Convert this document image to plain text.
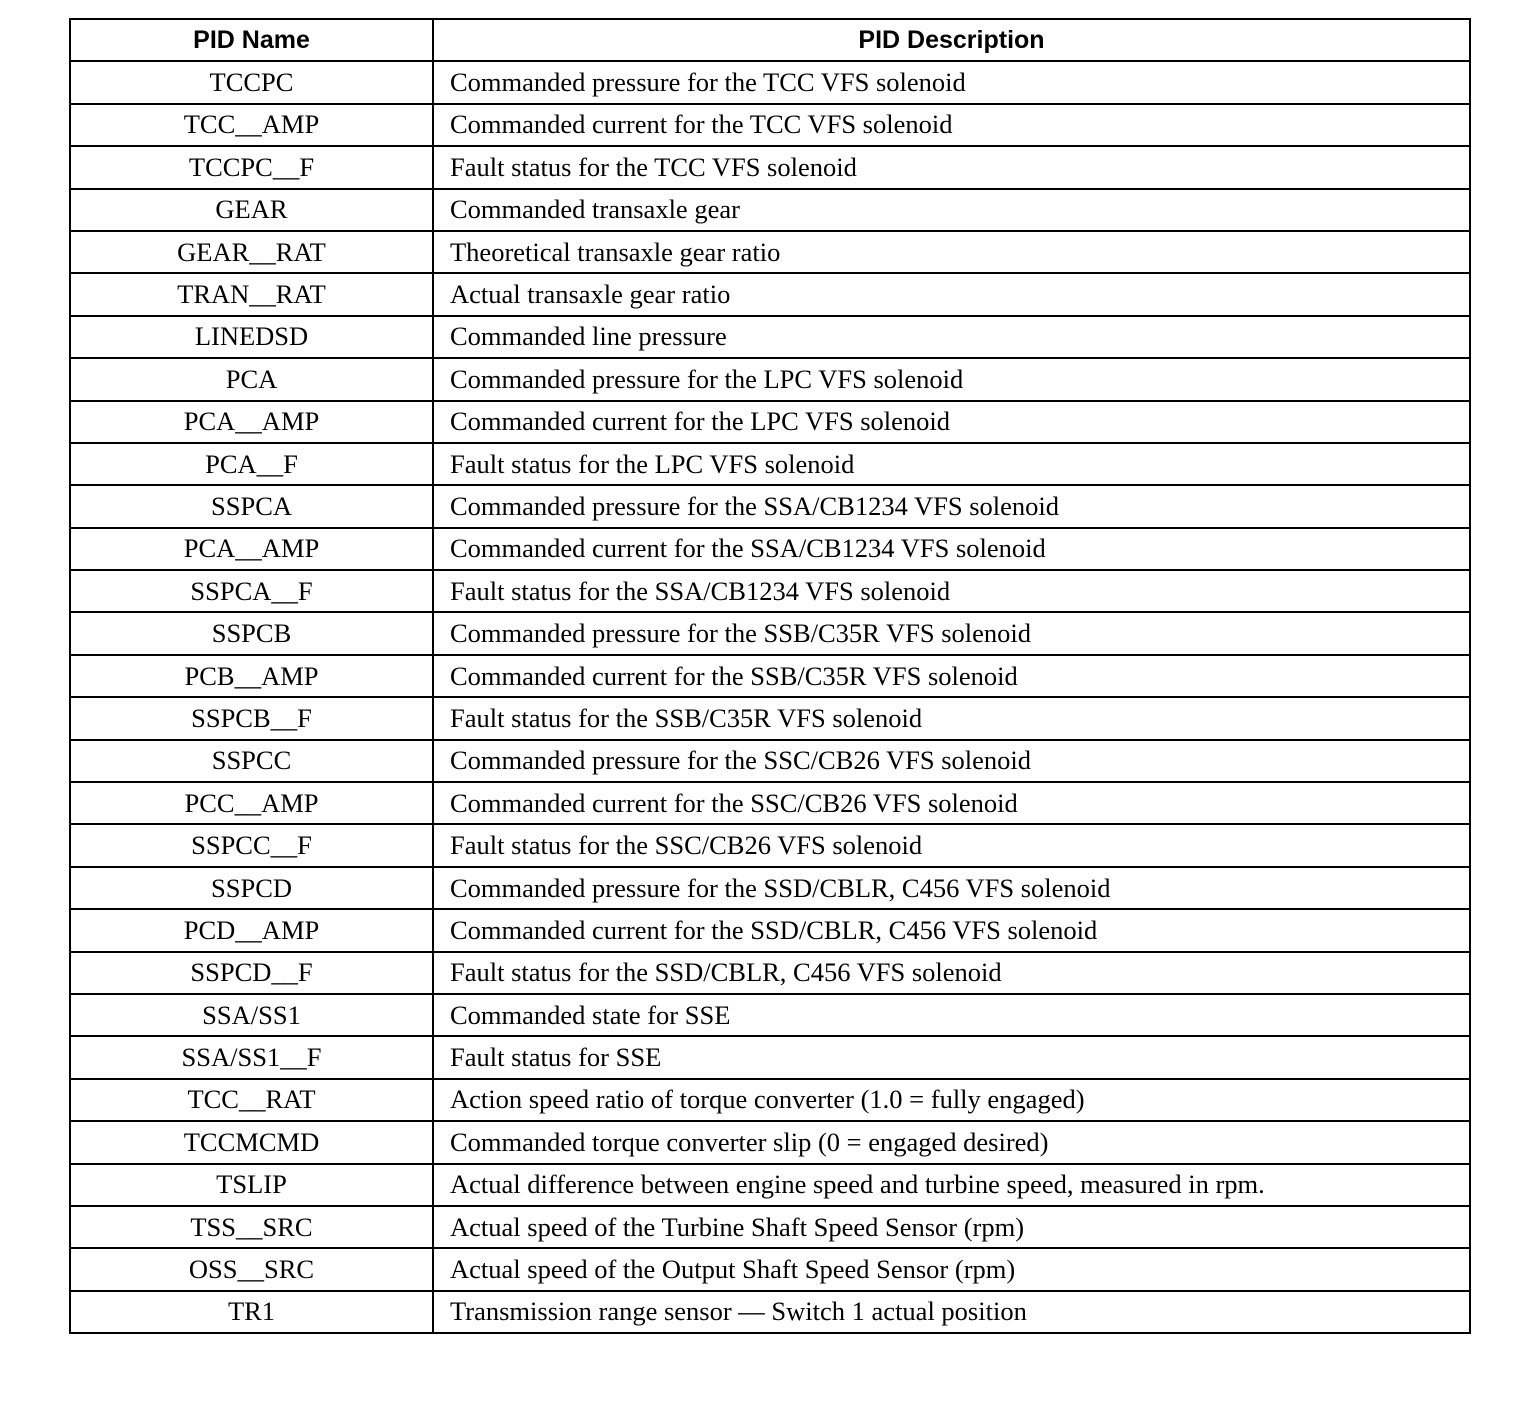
PID Name	PID Description
TCCPC	Commanded pressure for the TCC VFS solenoid
TCC__AMP	Commanded current for the TCC VFS solenoid
TCCPC__F	Fault status for the TCC VFS solenoid
GEAR	Commanded transaxle gear
GEAR__RAT	Theoretical transaxle gear ratio
TRAN__RAT	Actual transaxle gear ratio
LINEDSD	Commanded line pressure
PCA	Commanded pressure for the LPC VFS solenoid
PCA__AMP	Commanded current for the LPC VFS solenoid
PCA__F	Fault status for the LPC VFS solenoid
SSPCA	Commanded pressure for the SSA/CB1234 VFS solenoid
PCA__AMP	Commanded current for the SSA/CB1234 VFS solenoid
SSPCA__F	Fault status for the SSA/CB1234 VFS solenoid
SSPCB	Commanded pressure for the SSB/C35R VFS solenoid
PCB__AMP	Commanded current for the SSB/C35R VFS solenoid
SSPCB__F	Fault status for the SSB/C35R VFS solenoid
SSPCC	Commanded pressure for the SSC/CB26 VFS solenoid
PCC__AMP	Commanded current for the SSC/CB26 VFS solenoid
SSPCC__F	Fault status for the SSC/CB26 VFS solenoid
SSPCD	Commanded pressure for the SSD/CBLR, C456 VFS solenoid
PCD__AMP	Commanded current for the SSD/CBLR, C456 VFS solenoid
SSPCD__F	Fault status for the SSD/CBLR, C456 VFS solenoid
SSA/SS1	Commanded state for SSE
SSA/SS1__F	Fault status for SSE
TCC__RAT	Action speed ratio of torque converter (1.0 = fully engaged)
TCCMCMD	Commanded torque converter slip (0 = engaged desired)
TSLIP	Actual difference between engine speed and turbine speed, measured in rpm.
TSS__SRC	Actual speed of the Turbine Shaft Speed Sensor (rpm)
OSS__SRC	Actual speed of the Output Shaft Speed Sensor (rpm)
TR1	Transmission range sensor — Switch 1 actual position
